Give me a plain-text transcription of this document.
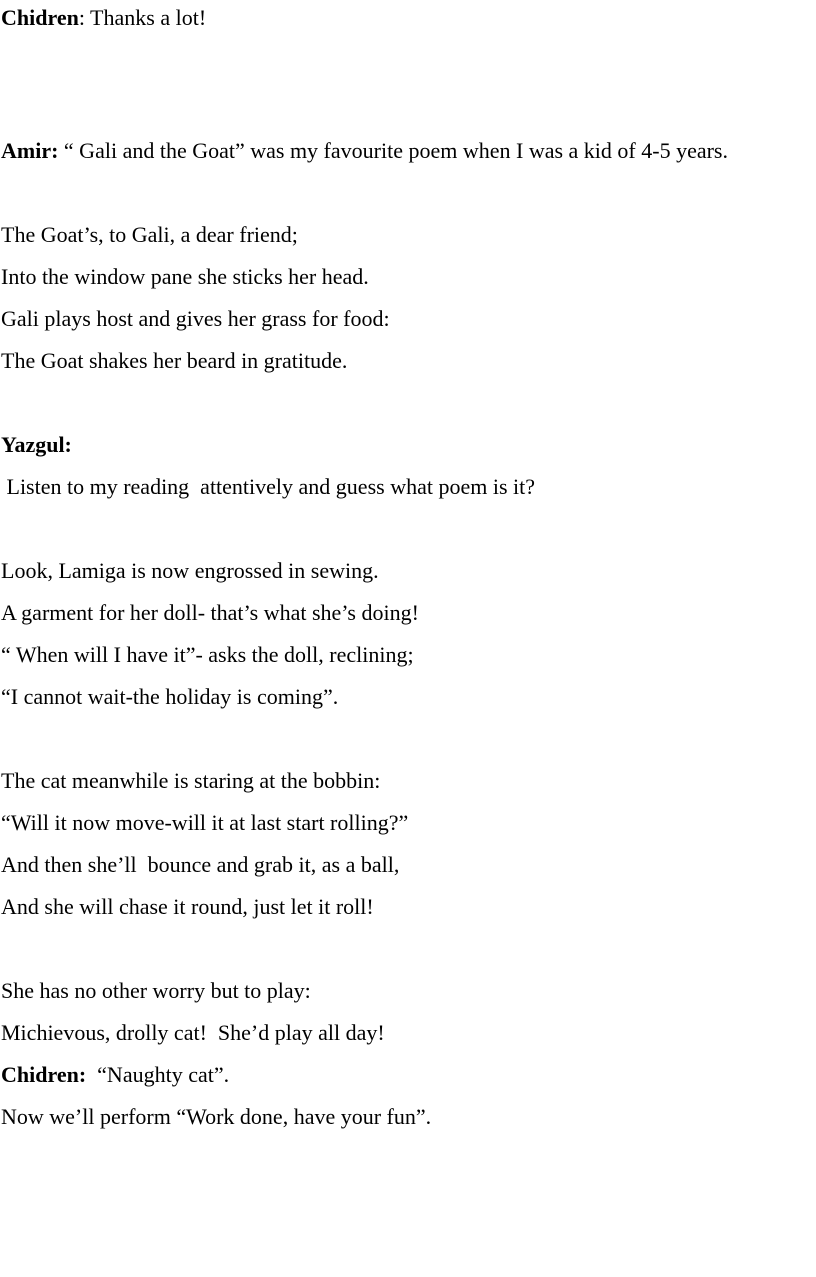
Chidren: Thanks a lot!
Amir: “ Gali and the Goat” was my favourite poem when I was a kid of 4-5 years.
The Goat’s, to Gali, a dear friend;
Into the window pane she sticks her head.
Gali plays host and gives her grass for food:
The Goat shakes her beard in gratitude.
Yazgul:
Listen to my reading  attentively and guess what poem is it?
Look, Lamiga is now engrossed in sewing.
A garment for her doll- that’s what she’s doing!
“ When will I have it”- asks the doll, reclining;
“I cannot wait-the holiday is coming”.
The cat meanwhile is staring at the bobbin:
“Will it now move-will it at last start rolling?”
And then she’ll  bounce and grab it, as a ball,
And she will chase it round, just let it roll!
She has no other worry but to play:
Michievous, drolly cat!  She’d play all day!
Chidren:  “Naughty cat”.
Now we’ll perform “Work done, have your fun”.
